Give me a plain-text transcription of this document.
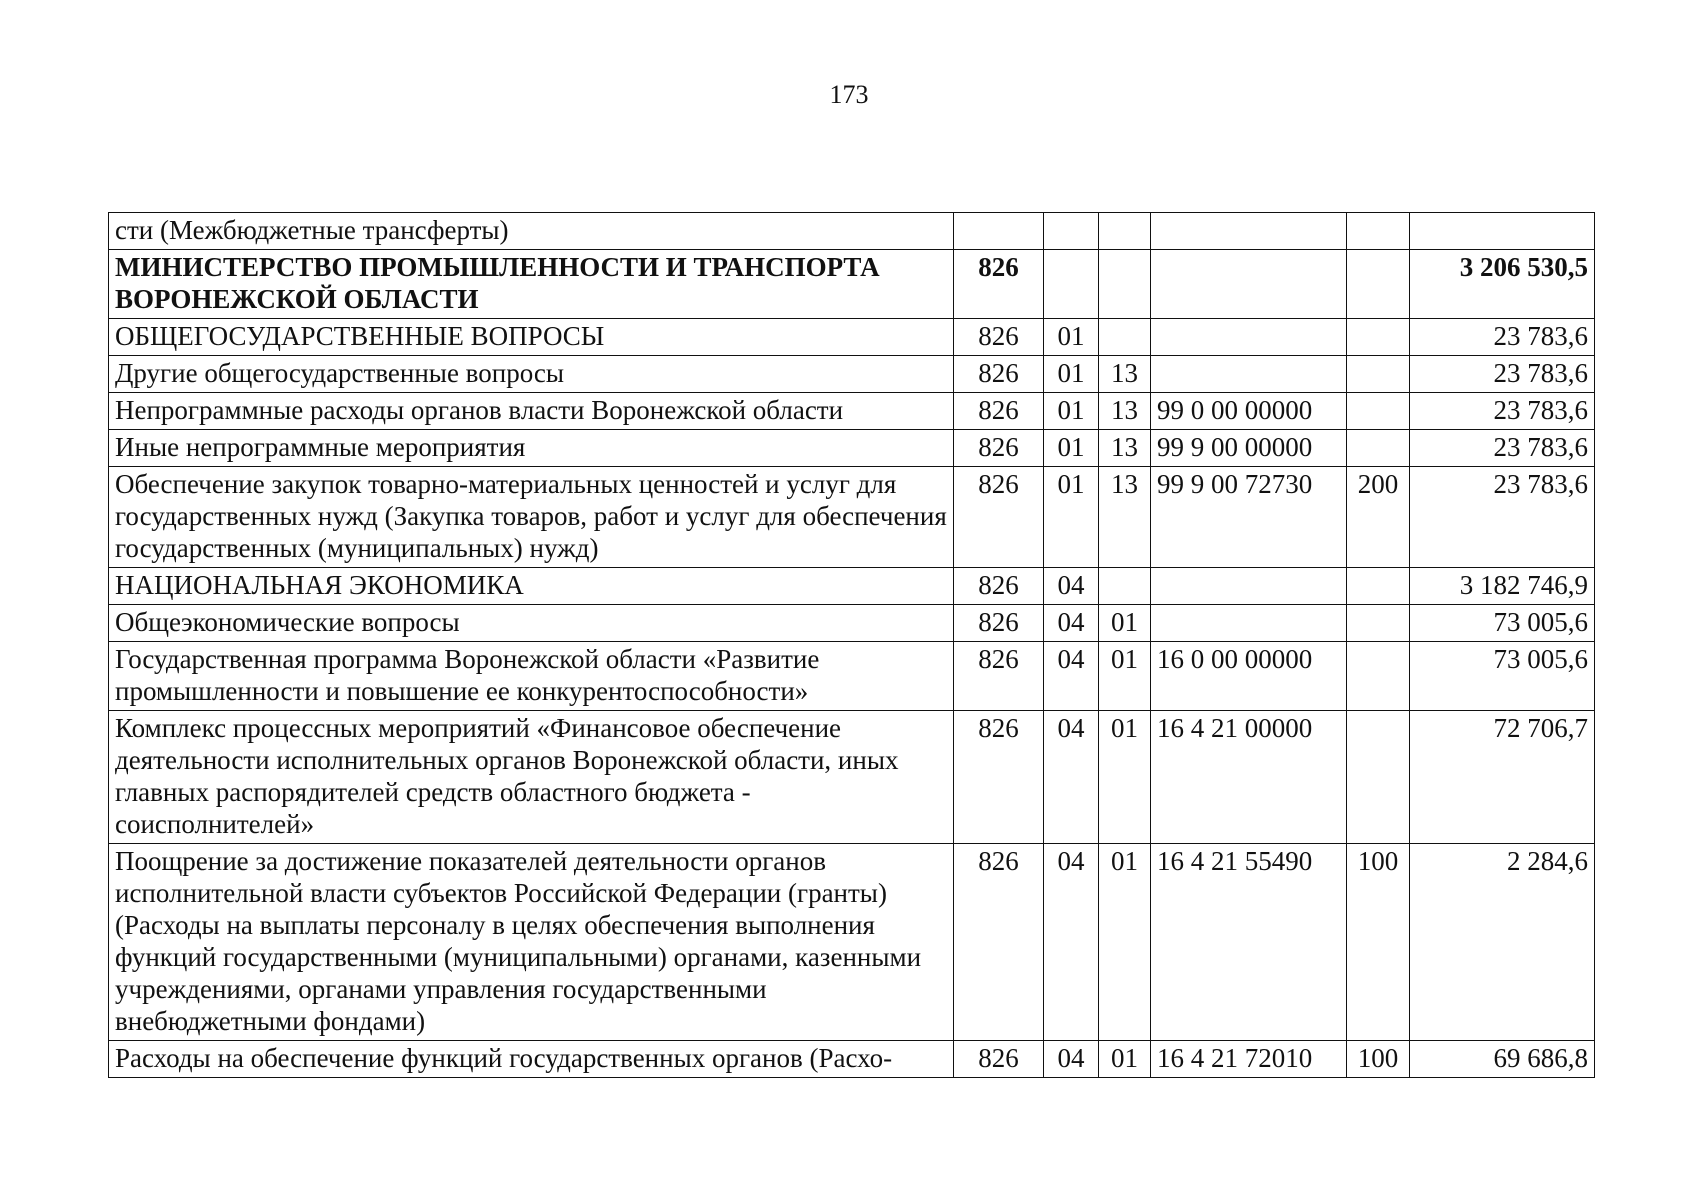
173
сти (Межбюджетные трансферты)						
МИНИСТЕРСТВО ПРОМЫШЛЕННОСТИ И ТРАНСПОРТА ВОРОНЕЖСКОЙ ОБЛАСТИ	826					3 206 530,5
ОБЩЕГОСУДАРСТВЕННЫЕ ВОПРОСЫ	826	01				23 783,6
Другие общегосударственные вопросы	826	01	13			23 783,6
Непрограммные расходы органов власти Воронежской области	826	01	13	99 0 00 00000		23 783,6
Иные непрограммные мероприятия	826	01	13	99 9 00 00000		23 783,6
Обеспечение закупок товарно-материальных ценностей и услуг для государственных нужд (Закупка товаров, работ и услуг для обеспечения государственных (муниципальных) нужд)	826	01	13	99 9 00 72730	200	23 783,6
НАЦИОНАЛЬНАЯ ЭКОНОМИКА	826	04				3 182 746,9
Общеэкономические вопросы	826	04	01			73 005,6
Государственная программа Воронежской области «Развитие промышленности и повышение ее конкурентоспособности»	826	04	01	16 0 00 00000		73 005,6
Комплекс процессных мероприятий «Финансовое обеспечение деятельности исполнительных органов Воронежской области, иных главных распорядителей средств областного бюджета - соисполнителей»	826	04	01	16 4 21 00000		72 706,7
Поощрение за достижение показателей деятельности органов исполнительной власти субъектов Российской Федерации (гранты) (Расходы на выплаты персоналу в целях обеспечения выполнения функций государственными (муниципальными) органами, казенными учреждениями, органами управления государственными внебюджетными фондами)	826	04	01	16 4 21 55490	100	2 284,6
Расходы на обеспечение функций государственных органов (Расхо-	826	04	01	16 4 21 72010	100	69 686,8
